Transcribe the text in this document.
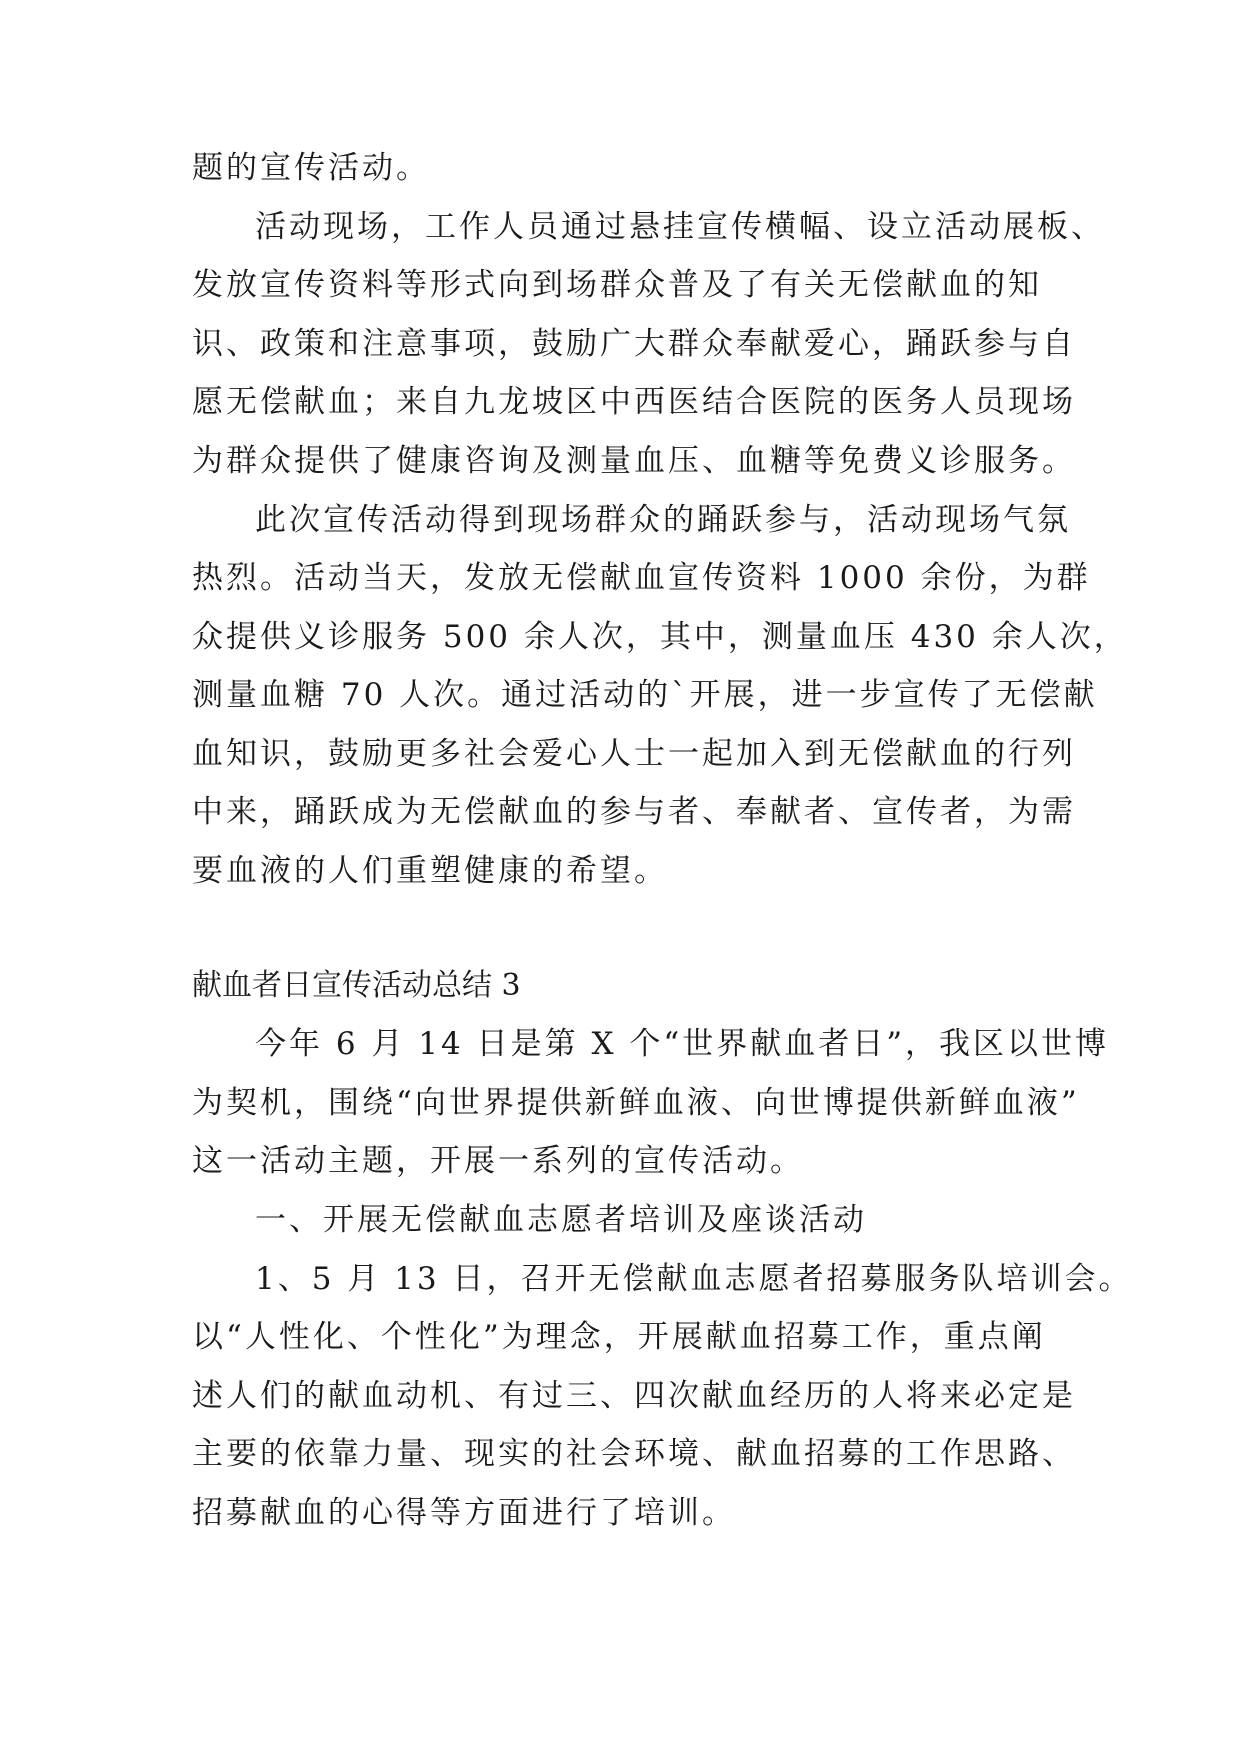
题的宣传活动。
活动现场，工作人员通过悬挂宣传横幅、设立活动展板、
发放宣传资料等形式向到场群众普及了有关无偿献血的知
识、政策和注意事项，鼓励广大群众奉献爱心，踊跃参与自
愿无偿献血；来自九龙坡区中西医结合医院的医务人员现场
为群众提供了健康咨询及测量血压、血糖等免费义诊服务。
此次宣传活动得到现场群众的踊跃参与，活动现场气氛
热烈。活动当天，发放无偿献血宣传资料 1000 余份，为群
众提供义诊服务 500 余人次，其中，测量血压 430 余人次，
测量血糖 70 人次。通过活动的`开展，进一步宣传了无偿献
血知识，鼓励更多社会爱心人士一起加入到无偿献血的行列
中来，踊跃成为无偿献血的参与者、奉献者、宣传者，为需
要血液的人们重塑健康的希望。
献血者日宣传活动总结 3
今年 6 月 14 日是第 X 个“世界献血者日”，我区以世博
为契机，围绕“向世界提供新鲜血液、向世博提供新鲜血液”
这一活动主题，开展一系列的宣传活动。
一、开展无偿献血志愿者培训及座谈活动
1、5 月 13 日，召开无偿献血志愿者招募服务队培训会。
以“人性化、个性化”为理念，开展献血招募工作，重点阐
述人们的献血动机、有过三、四次献血经历的人将来必定是
主要的依靠力量、现实的社会环境、献血招募的工作思路、
招募献血的心得等方面进行了培训。
